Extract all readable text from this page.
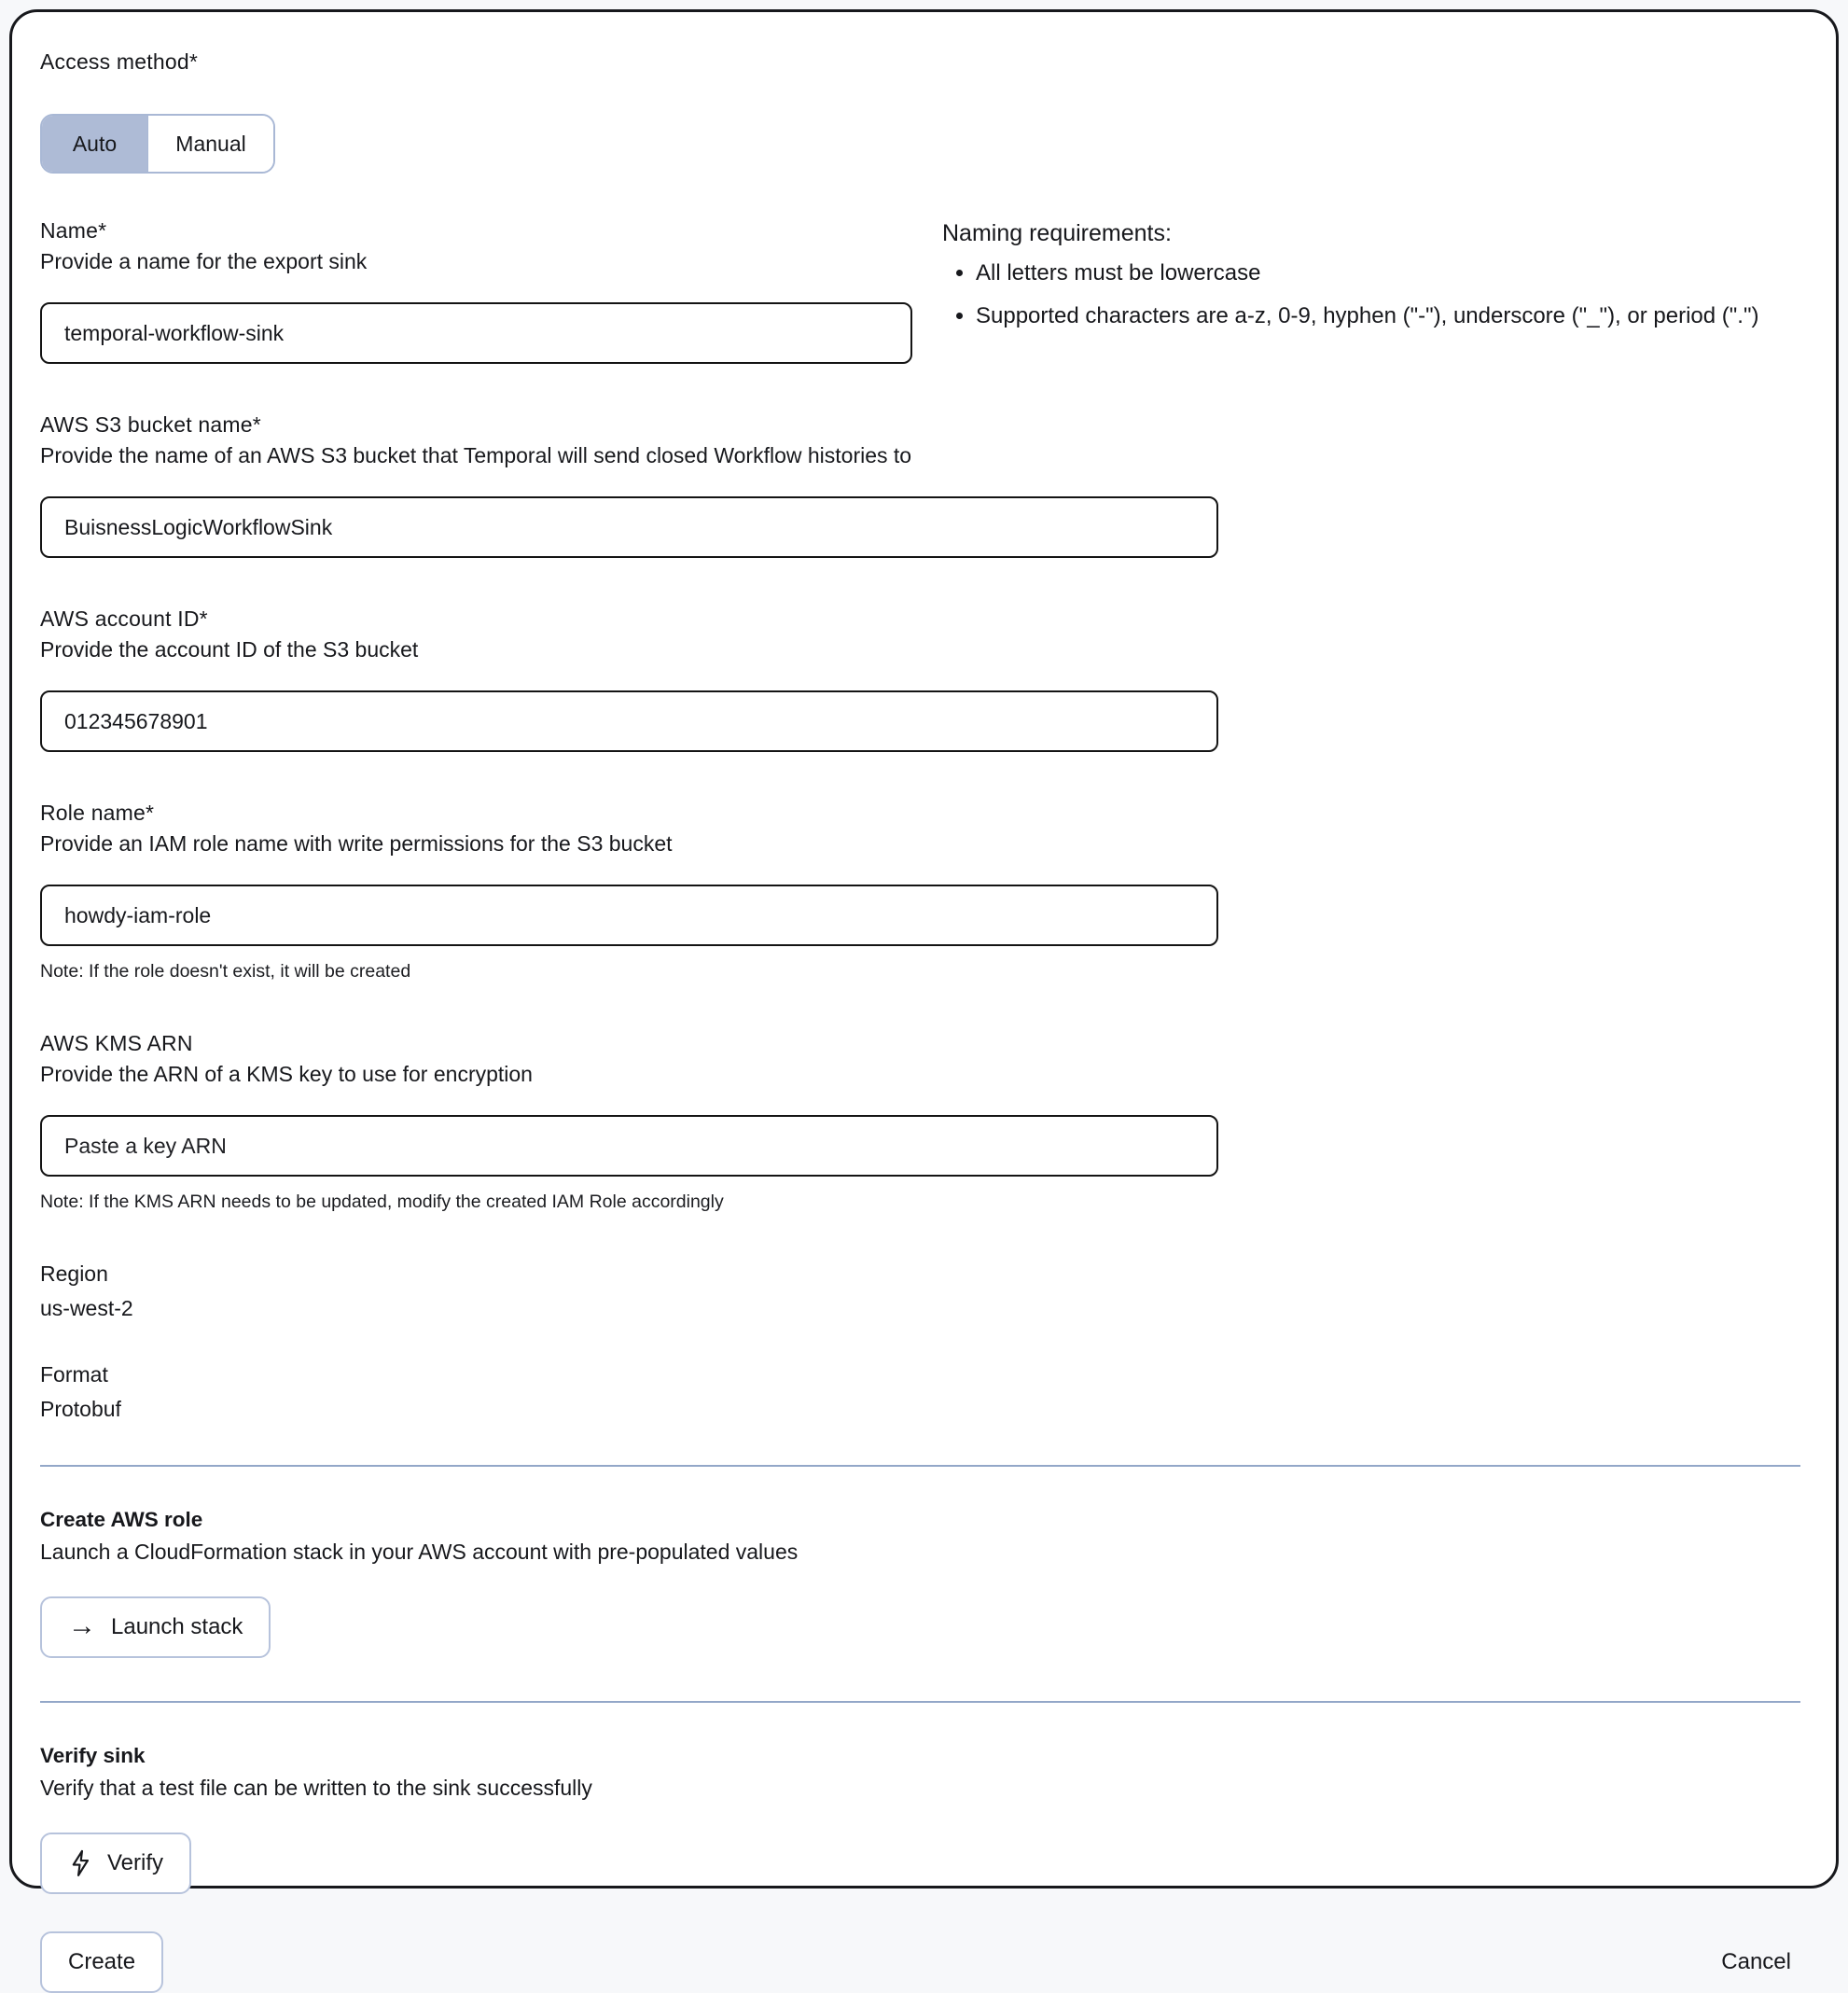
Access method*

Auto	Manual

Name*

Provide a name for the export sink

temporal-workflow-sink

Naming requirements:

• All letters must be lowercase
• Supported characters are a-z, 0-9, hyphen ("-"), underscore ("_"), or period (".")

AWS S3 bucket name*

Provide the name of an AWS S3 bucket that Temporal will send closed Workflow histories to

BuisnessLogicWorkflowSink

AWS account ID*

Provide the account ID of the S3 bucket

012345678901

Role name*

Provide an IAM role name with write permissions for the S3 bucket

howdy-iam-role

Note: If the role doesn't exist, it will be created

AWS KMS ARN

Provide the ARN of a KMS key to use for encryption

Paste a key ARN

Note: If the KMS ARN needs to be updated, modify the created IAM Role accordingly

Region

us-west-2

Format

Protobuf

Create AWS role

Launch a CloudFormation stack in your AWS account with pre-populated values

→ Launch stack

Verify sink

Verify that a test file can be written to the sink successfully

Verify
Create	Cancel
